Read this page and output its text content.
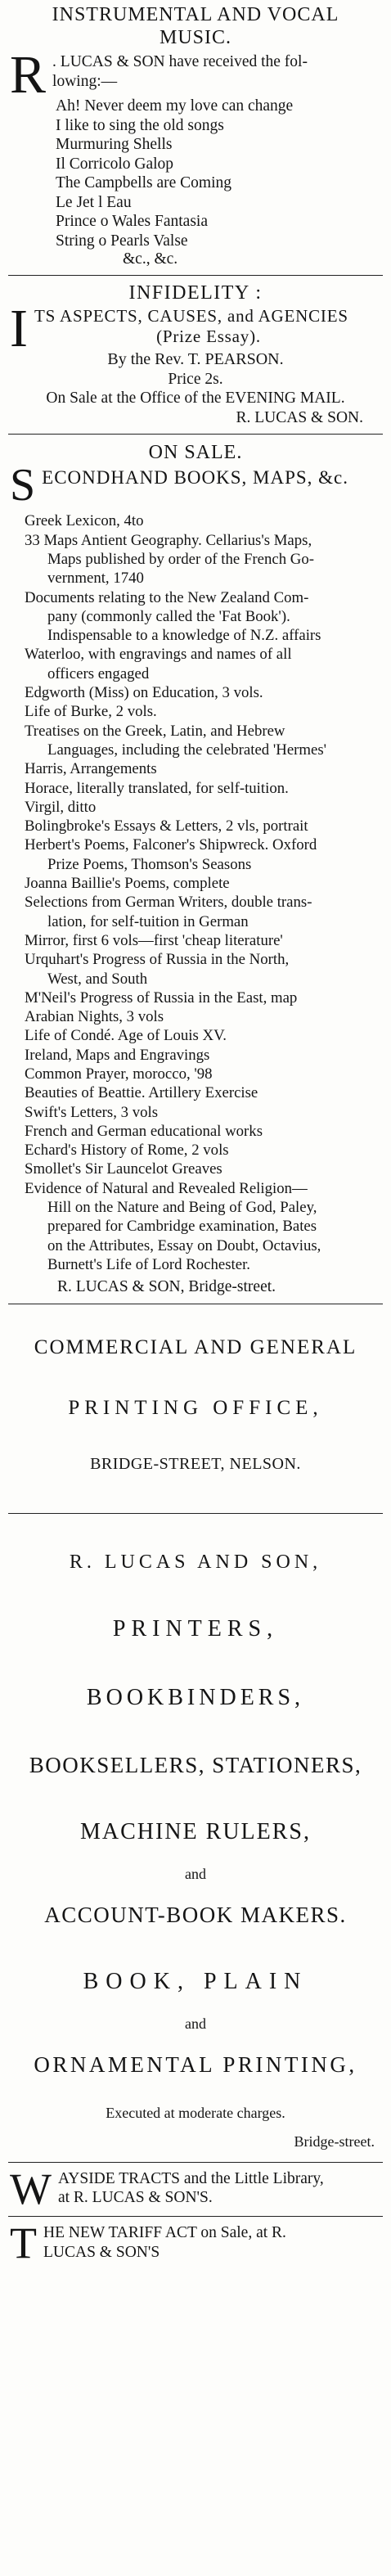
INSTRUMENTAL AND VOCAL
MUSIC.
R . LUCAS & SON have received the fol-
lowing:—
Ah! Never deem my love can change
I like to sing the old songs
Murmuring Shells
Il Corricolo Galop
The Campbells are Coming
Le Jet l Eau
Prince o Wales Fantasia
String o Pearls Valse
&c., &c.
INFIDELITY :
I TS ASPECTS, CAUSES, and AGENCIES
(Prize Essay).
By the Rev. T. PEARSON.
Price 2s.
On Sale at the Office of the EVENING MAIL.
R. LUCAS & SON.
ON SALE.
S ECONDHAND BOOKS, MAPS, &c.
Greek Lexicon, 4to
33 Maps Antient Geography. Cellarius's Maps,
Maps published by order of the French Go-
vernment, 1740
Documents relating to the New Zealand Com-
pany (commonly called the 'Fat Book').
Indispensable to a knowledge of N.Z. affairs
Waterloo, with engravings and names of all
officers engaged
Edgworth (Miss) on Education, 3 vols.
Life of Burke, 2 vols.
Treatises on the Greek, Latin, and Hebrew
Languages, including the celebrated 'Hermes'
Harris, Arrangements
Horace, literally translated, for self-tuition.
Virgil, ditto
Bolingbroke's Essays & Letters, 2 vls, portrait
Herbert's Poems, Falconer's Shipwreck. Oxford
Prize Poems, Thomson's Seasons
Joanna Baillie's Poems, complete
Selections from German Writers, double trans-
lation, for self-tuition in German
Mirror, first 6 vols—first 'cheap literature'
Urquhart's Progress of Russia in the North,
West, and South
M'Neil's Progress of Russia in the East, map
Arabian Nights, 3 vols
Life of Condé. Age of Louis XV.
Ireland, Maps and Engravings
Common Prayer, morocco, '98
Beauties of Beattie. Artillery Exercise
Swift's Letters, 3 vols
French and German educational works
Echard's History of Rome, 2 vols
Smollet's Sir Launcelot Greaves
Evidence of Natural and Revealed Religion—
Hill on the Nature and Being of God, Paley,
prepared for Cambridge examination, Bates
on the Attributes, Essay on Doubt, Octavius,
Burnett's Life of Lord Rochester.
R. LUCAS & SON, Bridge-street.
COMMERCIAL AND GENERAL
PRINTING OFFICE,
BRIDGE-STREET, NELSON.
R. LUCAS AND SON,
PRINTERS,
BOOKBINDERS,
BOOKSELLERS, STATIONERS,
MACHINE RULERS,
and
ACCOUNT-BOOK MAKERS.
BOOK, PLAIN
and
ORNAMENTAL PRINTING,
Executed at moderate charges.
Bridge-street.
W AYSIDE TRACTS and the Little Library,
at R. LUCAS & SON'S.
T HE NEW TARIFF ACT on Sale, at R.
LUCAS & SON'S
